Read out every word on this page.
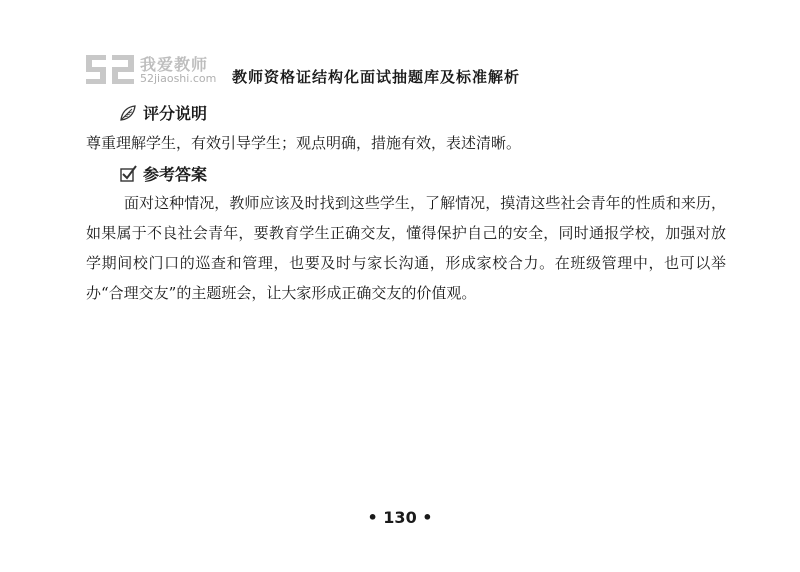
我爱教师
52jiaoshi.com 教师资格证结构化面试抽题库及标准解析
评分说明

尊重理解学生，有效引导学生；观点明确，措施有效，表述清晰。

参考答案

面对这种情况，教师应该及时找到这些学生，了解情况，摸清这些社会青年的性质和来历，如果属于不良社会青年，要教育学生正确交友，懂得保护自己的安全，同时通报学校，加强对放学期间校门口的巡查和管理，也要及时与家长沟通，形成家校合力。在班级管理中，也可以举办“合理交友”的主题班会，让大家形成正确交友的价值观。

• 130 •
